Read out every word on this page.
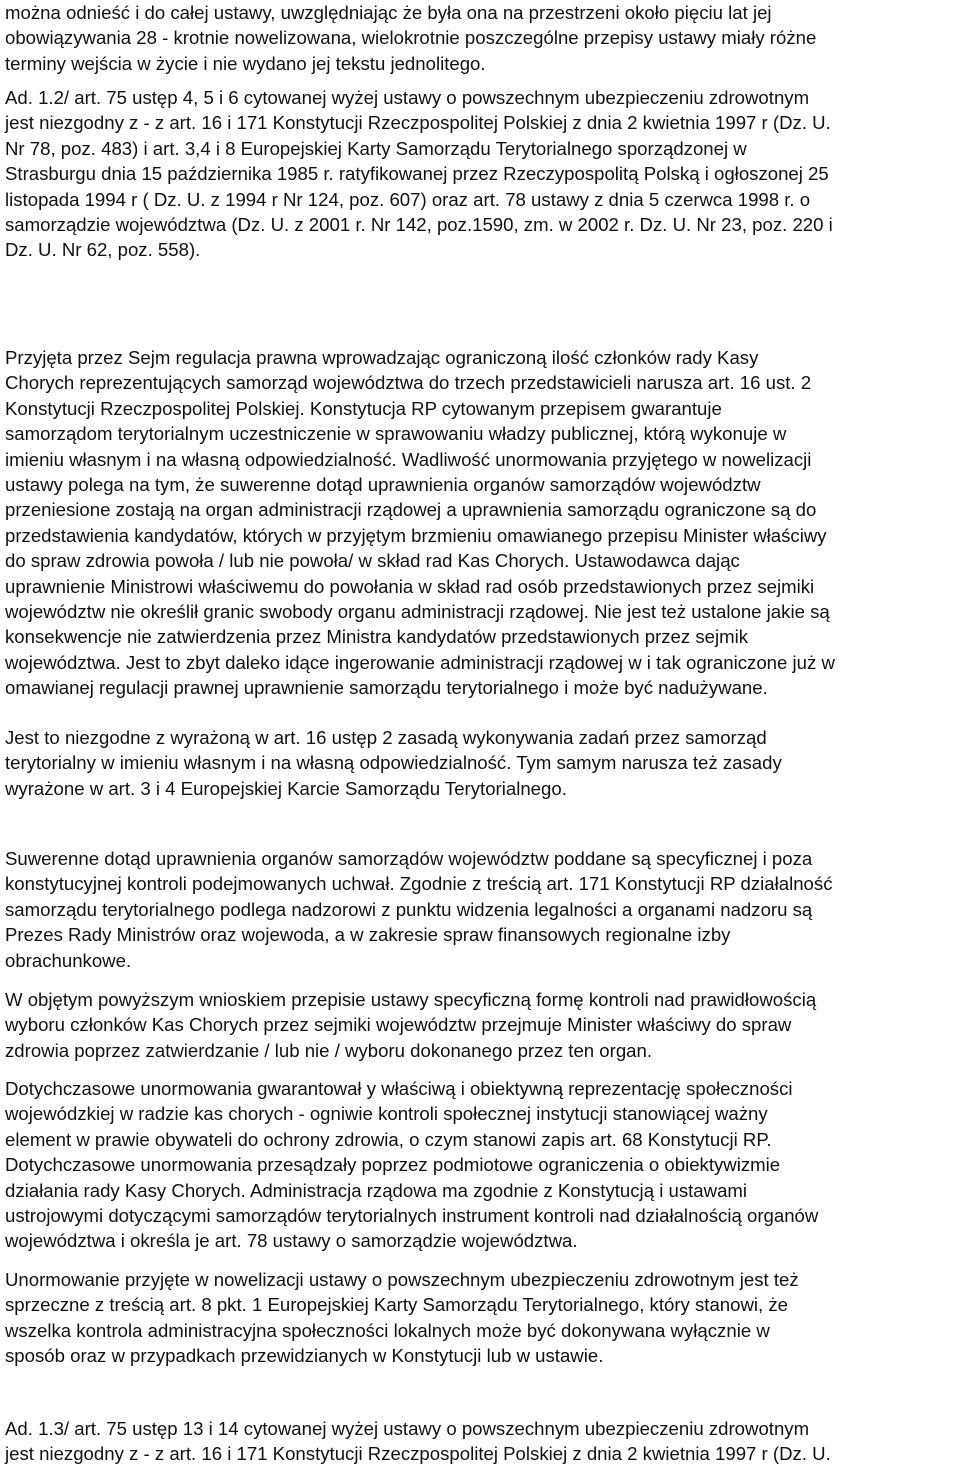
można odnieść i do całej ustawy, uwzględniając że była ona na przestrzeni około pięciu lat jej
obowiązywania 28 - krotnie nowelizowana, wielokrotnie poszczególne przepisy ustawy miały różne
terminy wejścia w życie i nie wydano jej tekstu jednolitego.

Ad. 1.2/ art. 75 ustęp 4, 5 i 6 cytowanej wyżej ustawy o powszechnym ubezpieczeniu zdrowotnym
jest niezgodny z - z art. 16 i 171 Konstytucji Rzeczpospolitej Polskiej z dnia 2 kwietnia 1997 r (Dz. U.
Nr 78, poz. 483) i art. 3,4 i 8 Europejskiej Karty Samorządu Terytorialnego sporządzonej w
Strasburgu dnia 15 października 1985 r. ratyfikowanej przez Rzeczypospolitą Polską i ogłoszonej 25
listopada 1994 r ( Dz. U. z 1994 r Nr 124, poz. 607) oraz art. 78 ustawy z dnia 5 czerwca 1998 r. o
samorządzie województwa (Dz. U. z 2001 r. Nr 142, poz.1590, zm. w 2002 r. Dz. U. Nr 23, poz. 220 i
Dz. U. Nr 62, poz. 558).

Przyjęta przez Sejm regulacja prawna wprowadzając ograniczoną ilość członków rady Kasy
Chorych reprezentujących samorząd województwa do trzech przedstawicieli narusza art. 16 ust. 2
Konstytucji Rzeczpospolitej Polskiej. Konstytucja RP cytowanym przepisem gwarantuje
samorządom terytorialnym uczestniczenie w sprawowaniu władzy publicznej, którą wykonuje w
imieniu własnym i na własną odpowiedzialność. Wadliwość unormowania przyjętego w nowelizacji
ustawy polega na tym, że suwerenne dotąd uprawnienia organów samorządów województw
przeniesione zostają na organ administracji rządowej a uprawnienia samorządu ograniczone są do
przedstawienia kandydatów, których w przyjętym brzmieniu omawianego przepisu Minister właściwy
do spraw zdrowia powoła / lub nie powoła/ w skład rad Kas Chorych. Ustawodawca dając
uprawnienie Ministrowi właściwemu do powołania w skład rad osób przedstawionych przez sejmiki
województw nie określił granic swobody organu administracji rządowej. Nie jest też ustalone jakie są
konsekwencje nie zatwierdzenia przez Ministra kandydatów przedstawionych przez sejmik
województwa. Jest to zbyt daleko idące ingerowanie administracji rządowej w i tak ograniczone już w
omawianej regulacji prawnej uprawnienie samorządu terytorialnego i może być nadużywane.

Jest to niezgodne z wyrażoną w art. 16 ustęp 2 zasadą wykonywania zadań przez samorząd
terytorialny w imieniu własnym i na własną odpowiedzialność. Tym samym narusza też zasady
wyrażone w art. 3 i 4 Europejskiej Karcie Samorządu Terytorialnego.

Suwerenne dotąd uprawnienia organów samorządów województw poddane są specyficznej i poza
konstytucyjnej kontroli podejmowanych uchwał. Zgodnie z treścią art. 171 Konstytucji RP działalność
samorządu terytorialnego podlega nadzorowi z punktu widzenia legalności a organami nadzoru są
Prezes Rady Ministrów oraz wojewoda, a w zakresie spraw finansowych regionalne izby
obrachunkowe.

W objętym powyższym wnioskiem przepisie ustawy specyficzną formę kontroli nad prawidłowością
wyboru członków Kas Chorych przez sejmiki województw przejmuje Minister właściwy do spraw
zdrowia poprzez zatwierdzanie / lub nie / wyboru dokonanego przez ten organ.

Dotychczasowe unormowania gwarantował y właściwą i obiektywną reprezentację społeczności
wojewódzkiej w radzie kas chorych - ogniwie kontroli społecznej instytucji stanowiącej ważny
element w prawie obywateli do ochrony zdrowia, o czym stanowi zapis art. 68 Konstytucji RP.
Dotychczasowe unormowania przesądzały poprzez podmiotowe ograniczenia o obiektywizmie
działania rady Kasy Chorych. Administracja rządowa ma zgodnie z Konstytucją i ustawami
ustrojowymi dotyczącymi samorządów terytorialnych instrument kontroli nad działalnością organów
województwa i określa je art. 78 ustawy o samorządzie województwa.

Unormowanie przyjęte w nowelizacji ustawy o powszechnym ubezpieczeniu zdrowotnym jest też
sprzeczne z treścią art. 8 pkt. 1 Europejskiej Karty Samorządu Terytorialnego, który stanowi, że
wszelka kontrola administracyjna społeczności lokalnych może być dokonywana wyłącznie w
sposób oraz w przypadkach przewidzianych w Konstytucji lub w ustawie.

Ad. 1.3/ art. 75 ustęp 13 i 14 cytowanej wyżej ustawy o powszechnym ubezpieczeniu zdrowotnym
jest niezgodny z - z art. 16 i 171 Konstytucji Rzeczpospolitej Polskiej z dnia 2 kwietnia 1997 r (Dz. U.
